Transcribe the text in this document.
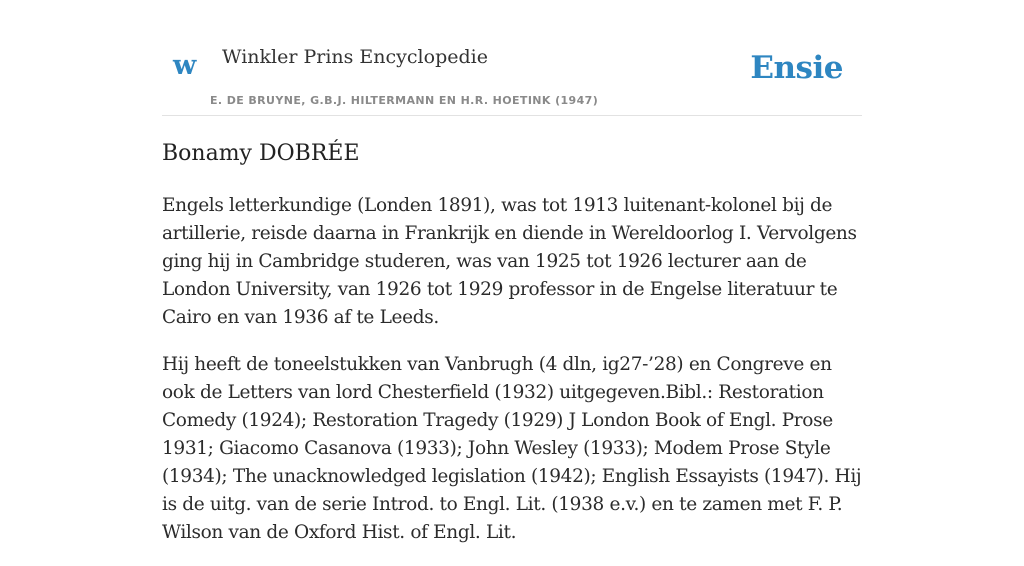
w Winkler Prins Encyclopedie
E. DE BRUYNE, G.B.J. HILTERMANN EN H.R. HOETINK (1947)
Ensie
Bonamy DOBRÉE

Engels letterkundige (Londen 1891), was tot 1913 luitenant-kolonel bij de artillerie, reisde daarna in Frankrijk en diende in Wereldoorlog I. Vervolgens ging hij in Cambridge studeren, was van 1925 tot 1926 lecturer aan de London University, van 1926 tot 1929 professor in de Engelse literatuur te Cairo en van 1936 af te Leeds.

Hij heeft de toneelstukken van Vanbrugh (4 dln, ig27-’28) en Congreve en ook de Letters van lord Chesterfield (1932) uitgegeven.Bibl.: Restoration Comedy (1924); Restoration Tragedy (1929) J London Book of Engl. Prose 1931; Giacomo Casanova (1933); John Wesley (1933); Modem Prose Style (1934); The unacknowledged legislation (1942); English Essayists (1947). Hij is de uitg. van de serie Introd. to Engl. Lit. (1938 e.v.) en te zamen met F. P. Wilson van de Oxford Hist. of Engl. Lit.
